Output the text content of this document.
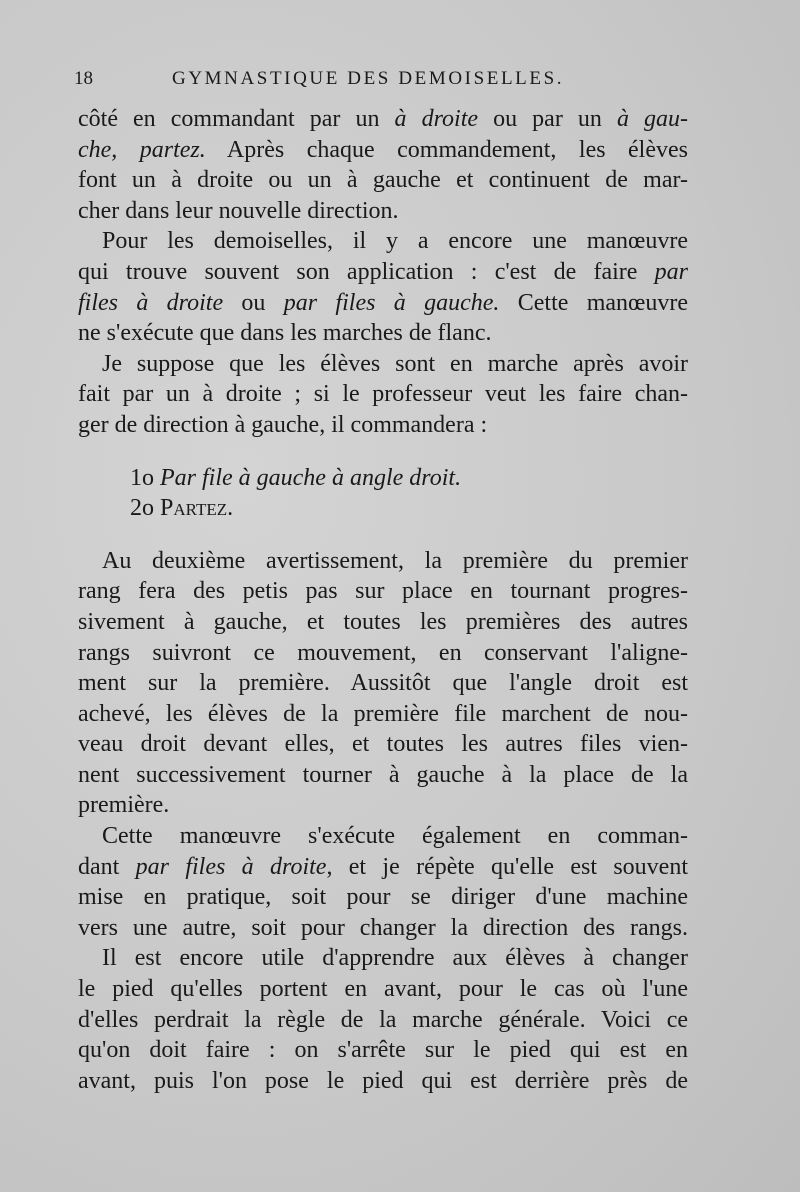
18	GYMNASTIQUE DES DEMOISELLES.
côté en commandant par un à droite ou par un à gau-
che, partez. Après chaque commandement, les élèves
font un à droite ou un à gauche et continuent de mar-
cher dans leur nouvelle direction.
Pour les demoiselles, il y a encore une manœuvre
qui trouve souvent son application : c'est de faire par
files à droite ou par files à gauche. Cette manœuvre
ne s'exécute que dans les marches de flanc.
Je suppose que les élèves sont en marche après avoir
fait par un à droite ; si le professeur veut les faire chan-
ger de direction à gauche, il commandera :
1o Par file à gauche à angle droit.
2o Partez.
Au deuxième avertissement, la première du premier
rang fera des petis pas sur place en tournant progres-
sivement à gauche, et toutes les premières des autres
rangs suivront ce mouvement, en conservant l'aligne-
ment sur la première. Aussitôt que l'angle droit est
achevé, les élèves de la première file marchent de nou-
veau droit devant elles, et toutes les autres files vien-
nent successivement tourner à gauche à la place de la
première.
Cette manœuvre s'exécute également en comman-
dant par files à droite, et je répète qu'elle est souvent
mise en pratique, soit pour se diriger d'une machine
vers une autre, soit pour changer la direction des rangs.
Il est encore utile d'apprendre aux élèves à changer
le pied qu'elles portent en avant, pour le cas où l'une
d'elles perdrait la règle de la marche générale. Voici ce
qu'on doit faire : on s'arrête sur le pied qui est en
avant, puis l'on pose le pied qui est derrière près de
